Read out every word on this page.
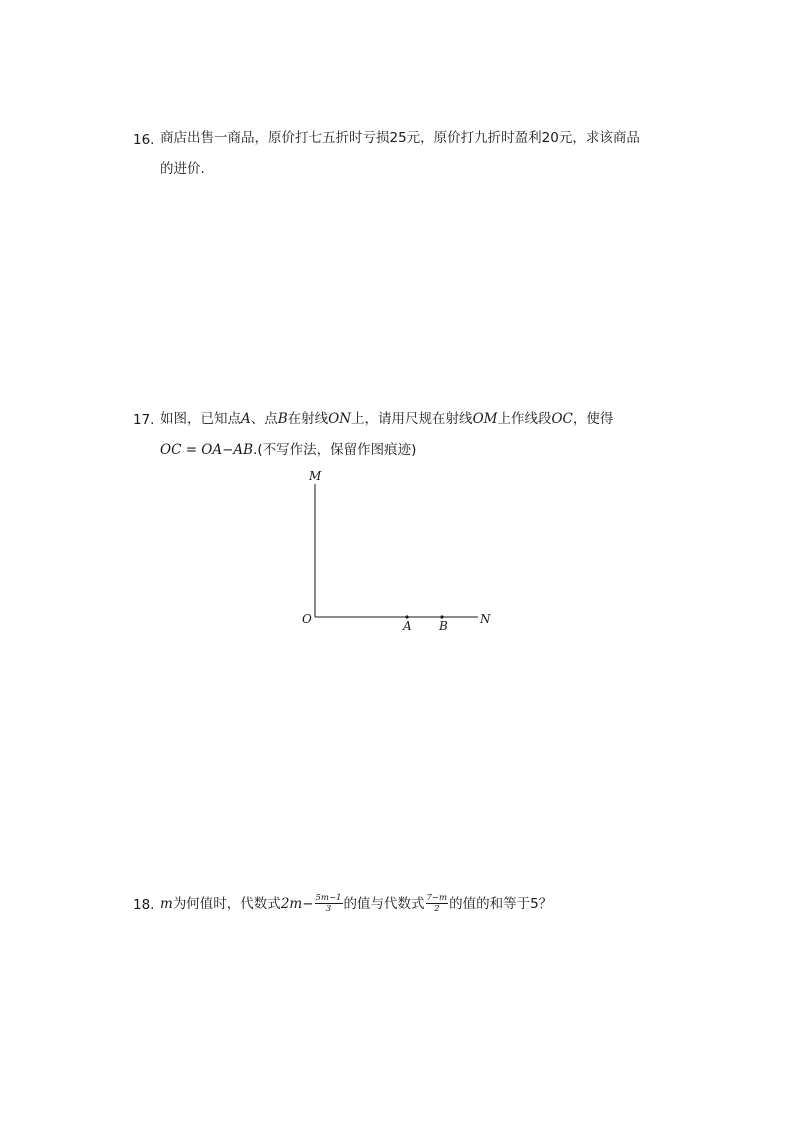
16. 商店出售一商品，原价打七五折时亏损25元，原价打九折时盈利20元，求该商品
的进价.
17. 如图，已知点A、点B在射线ON上，请用尺规在射线OM上作线段OC，使得
OC = OA−AB.(不写作法，保留作图痕迹)
M
O	A B	N
18. m为何值时，代数式$2m- \frac{5m-1}{3}$ 的值与代数式 $\frac{7-m}{2}$ 的值的和等于5？
